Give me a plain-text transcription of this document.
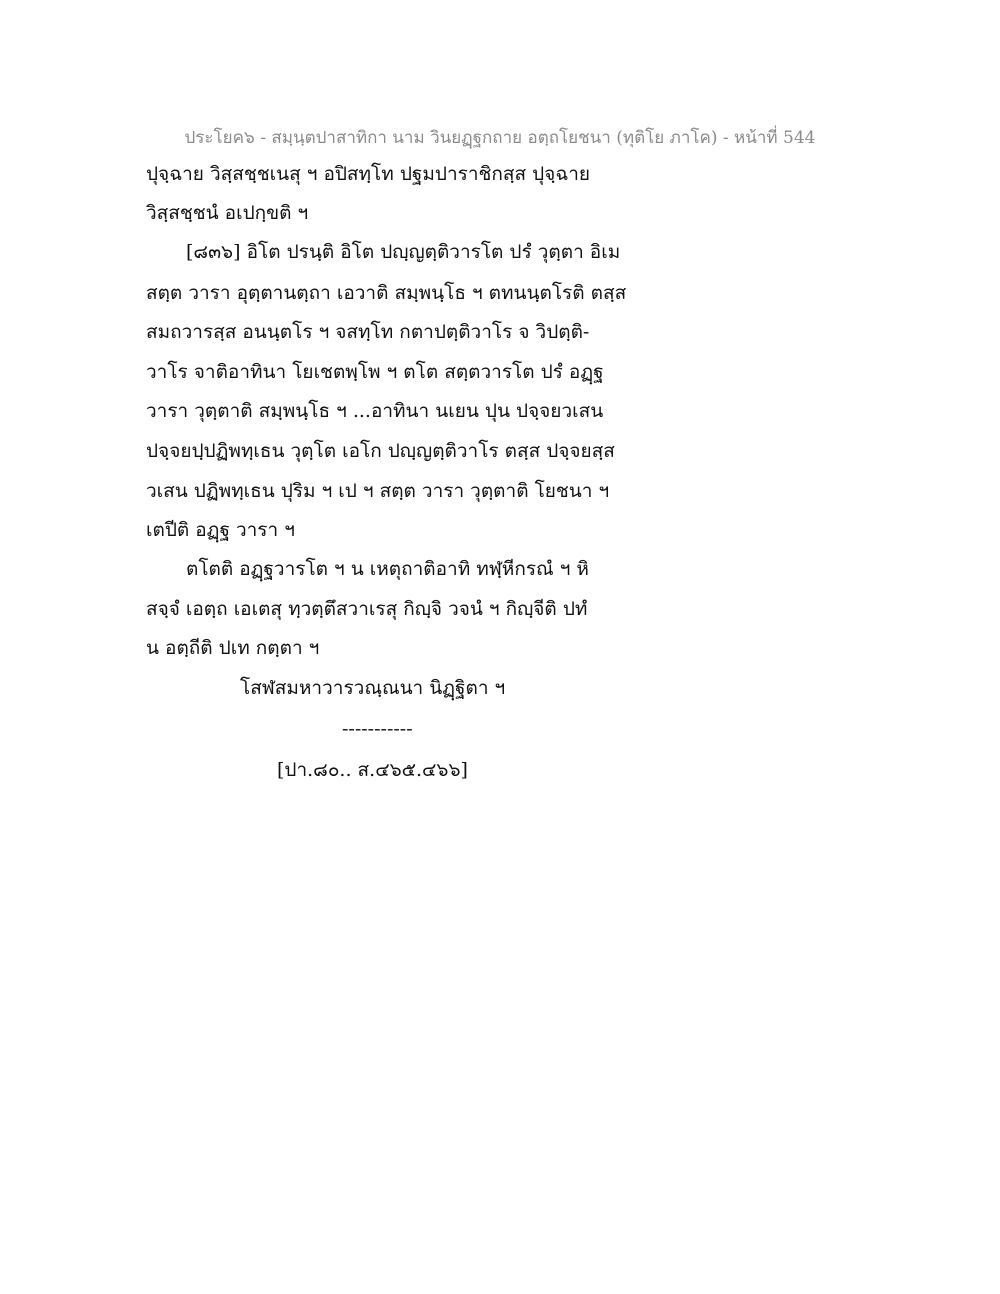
ประโยค๖ - สมฺนฺตปาสาทิกา นาม วินยฏฺฐกถาย อตฺถโยชนา (ทุติโย ภาโค) - หน้าที่ 544
ปุจฺฉาย วิสฺสชฺชเนสุ ฯ อปิสทฺโท ปฐมปาราชิกสฺส ปุจฺฉาย
วิสฺสชฺชนํ อเปกฺขติ ฯ
[๘๓๖] อิโต ปรนฺติ อิโต ปญฺญตฺติวารโต ปรํ วุตฺตา อิเม
สตฺต วารา อุตฺตานตฺถา เอวาติ สมฺพนฺโธ ฯ ตทนนฺตโรติ ตสฺส
สมถวารสฺส อนนฺตโร ฯ จสทฺโท กตาปตฺติวาโร จ วิปตฺติ-
วาโร จาติอาทินา โยเชตพฺโพ ฯ ตโต สตฺตวารโต ปรํ อฏฺฐ
วารา วุตฺตาติ สมฺพนฺโธ ฯ ...อาทินา นเยน ปุน ปจฺจยวเสน
ปจฺจยปฺปฏิพทฺเธน วุตฺโต เอโก ปญฺญตฺติวาโร ตสฺส ปจฺจยสฺส
วเสน ปฏิพทฺเธน ปุริม ฯ เป ฯ สตฺต วารา วุตฺตาติ โยชนา ฯ
เตปีติ อฏฺฐ วารา ฯ
ตโตติ อฏฺฐวารโต ฯ น เหตุถาติอาทิ ทฬฺหีกรณํ ฯ หิ
สจฺจํ เอตฺถ เอเตสุ ทฺวตฺตึสวาเรสุ กิญฺจิ วจนํ ฯ กิญฺจีติ ปทํ
น อตฺถีติ ปเท กตฺตา ฯ
โสฬสมหาวารวณฺณนา นิฏฺฐิตา ฯ
-----------
[ปา.๘๐.. ส.๔๖๕.๔๖๖]
